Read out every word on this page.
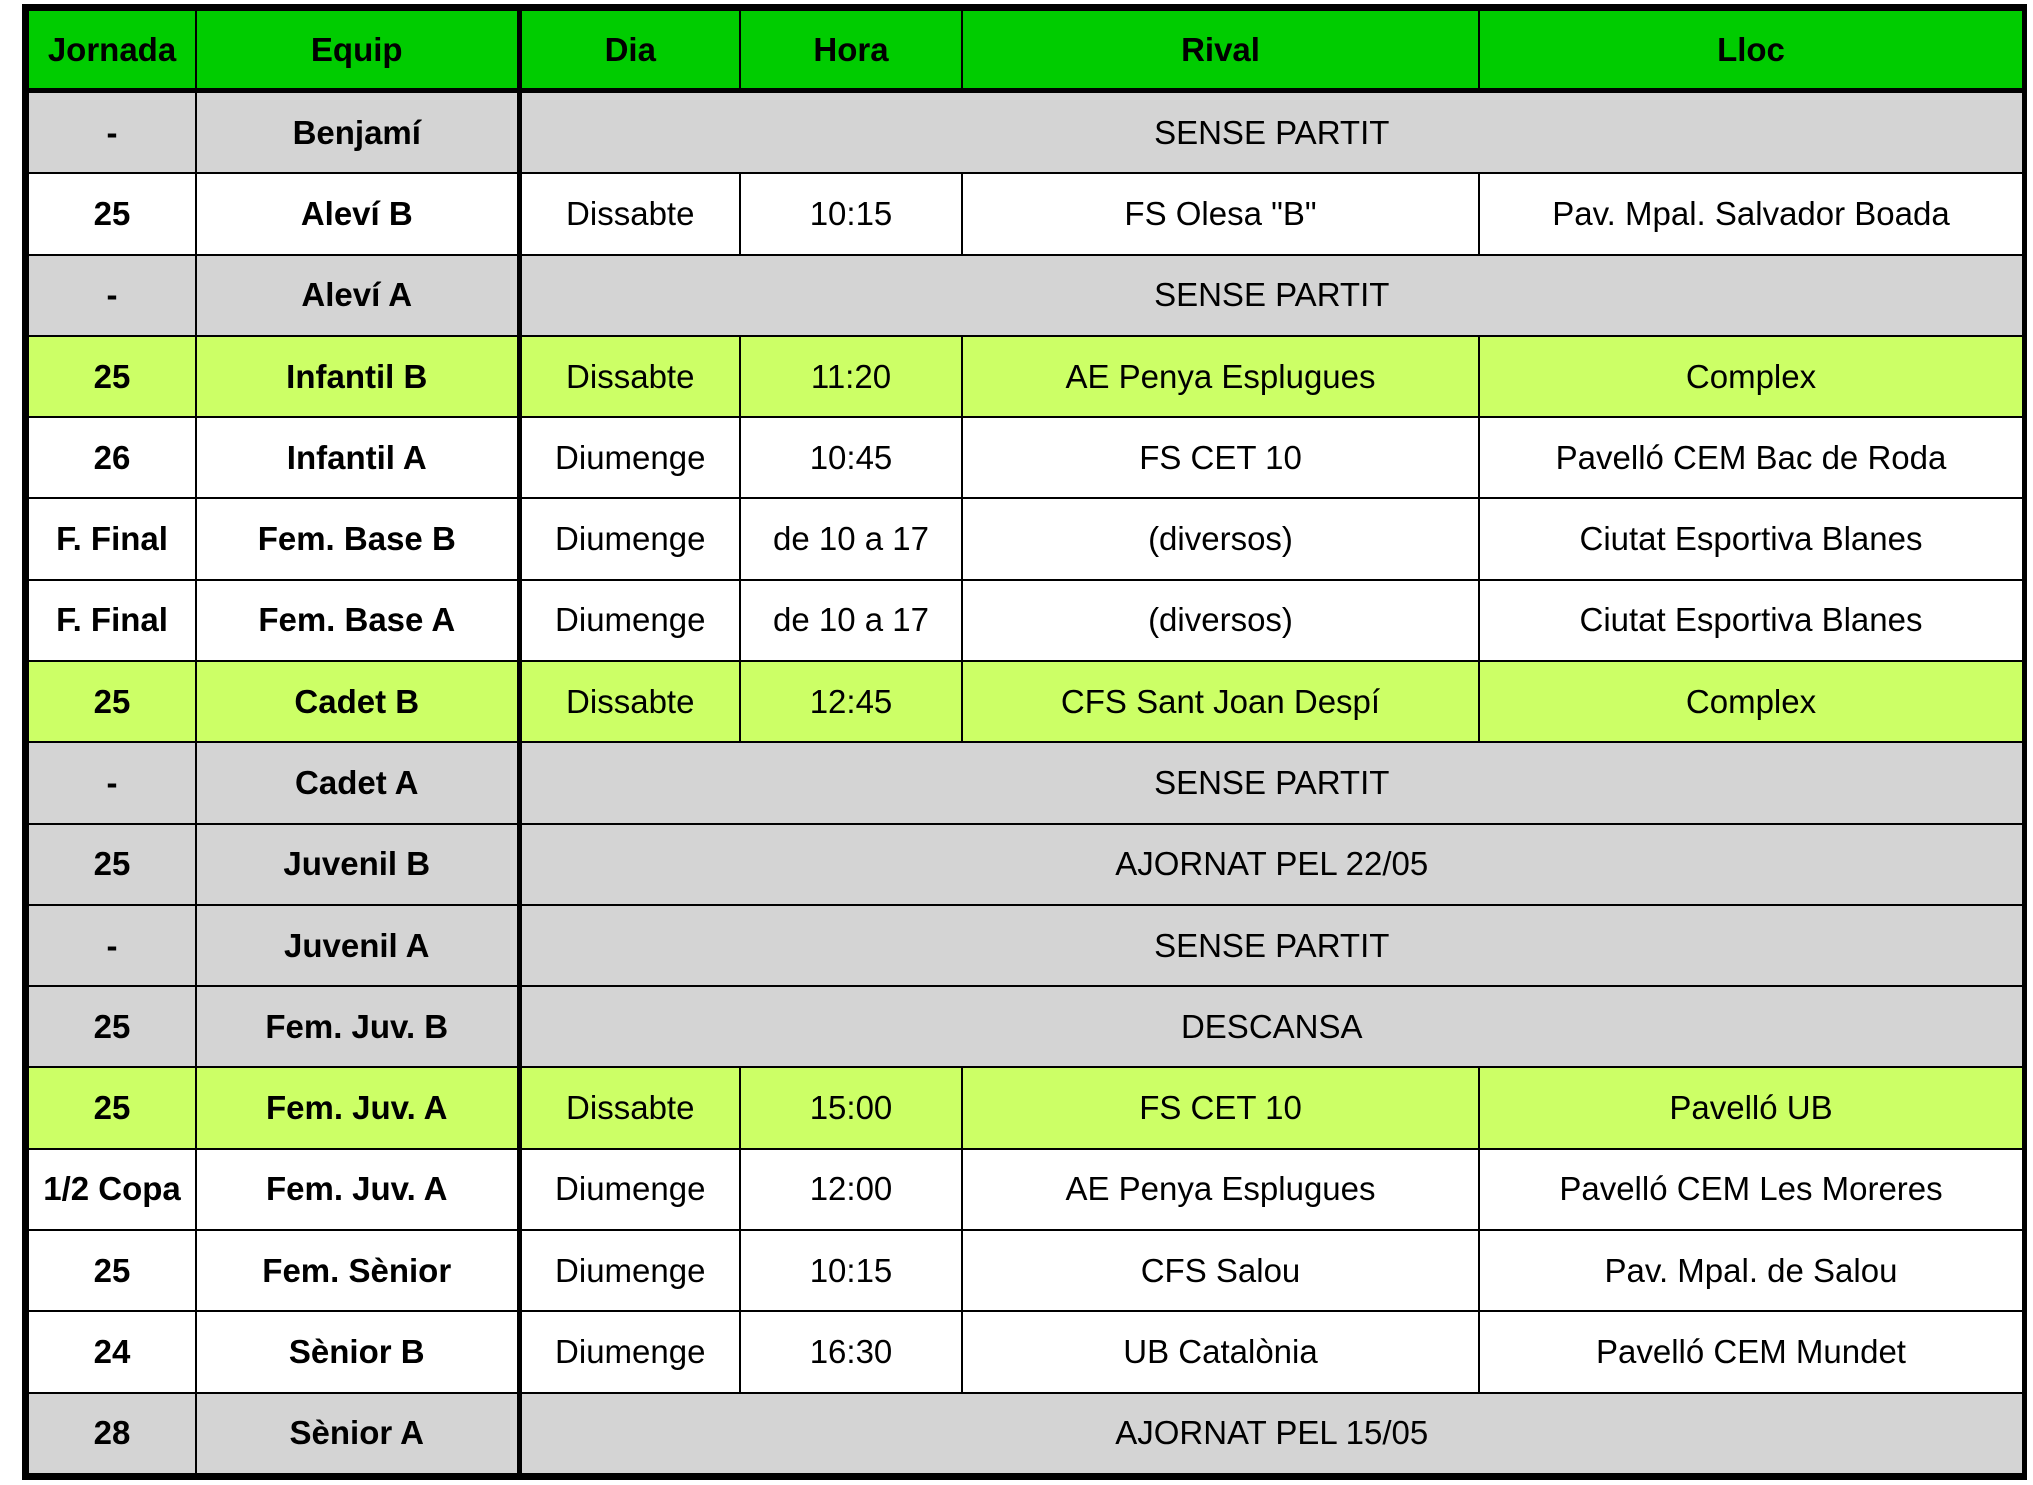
Jornada	Equip	Dia	Hora	Rival	Lloc
-	Benjamí	SENSE PARTIT			
25	Aleví B	Dissabte	10:15	FS Olesa "B"	Pav. Mpal. Salvador Boada
-	Aleví A	SENSE PARTIT			
25	Infantil B	Dissabte	11:20	AE Penya Esplugues	Complex
26	Infantil A	Diumenge	10:45	FS CET 10	Pavelló CEM Bac de Roda
F. Final	Fem. Base B	Diumenge	de 10 a 17	(diversos)	Ciutat Esportiva Blanes
F. Final	Fem. Base A	Diumenge	de 10 a 17	(diversos)	Ciutat Esportiva Blanes
25	Cadet B	Dissabte	12:45	CFS Sant Joan Despí	Complex
-	Cadet A	SENSE PARTIT			
25	Juvenil B	AJORNAT PEL 22/05			
-	Juvenil A	SENSE PARTIT			
25	Fem. Juv. B	DESCANSA			
25	Fem. Juv. A	Dissabte	15:00	FS CET 10	Pavelló UB
1/2 Copa	Fem. Juv. A	Diumenge	12:00	AE Penya Esplugues	Pavelló CEM Les Moreres
25	Fem. Sènior	Diumenge	10:15	CFS Salou	Pav. Mpal. de Salou
24	Sènior B	Diumenge	16:30	UB Catalònia	Pavelló CEM Mundet
28	Sènior A	AJORNAT PEL 15/05			
